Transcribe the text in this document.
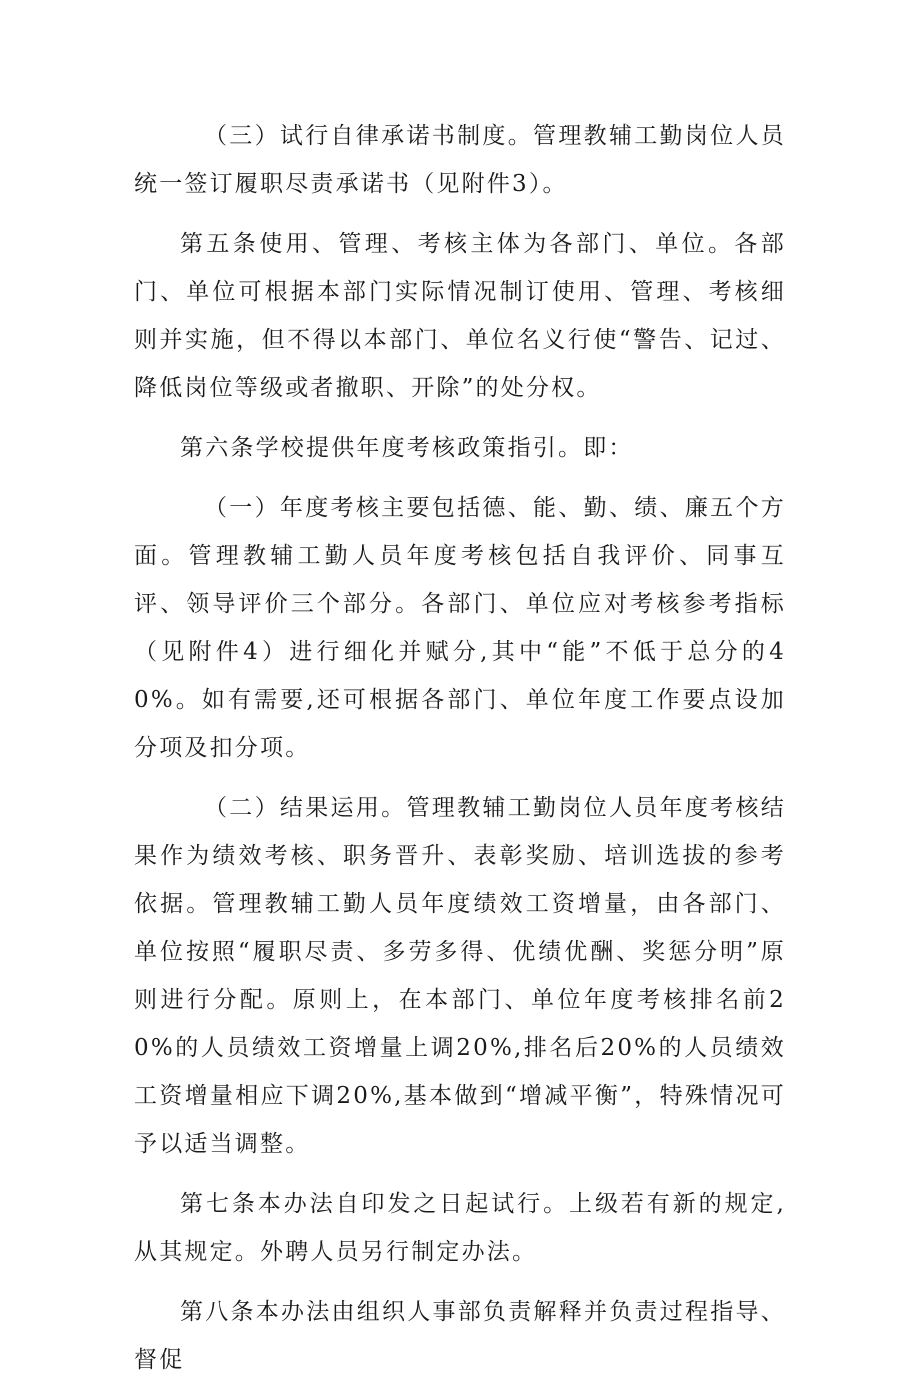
（三）试行自律承诺书制度。管理教辅工勤岗位人员统一签订履职尽责承诺书（见附件3）。

第五条使用、管理、考核主体为各部门、单位。各部门、单位可根据本部门实际情况制订使用、管理、考核细则并实施，但不得以本部门、单位名义行使“警告、记过、降低岗位等级或者撤职、开除”的处分权。

第六条学校提供年度考核政策指引。即：

（一）年度考核主要包括德、能、勤、绩、廉五个方面。管理教辅工勤人员年度考核包括自我评价、同事互评、领导评价三个部分。各部门、单位应对考核参考指标（见附件4）进行细化并赋分,其中“能”不低于总分的40%。如有需要,还可根据各部门、单位年度工作要点设加分项及扣分项。

（二）结果运用。管理教辅工勤岗位人员年度考核结果作为绩效考核、职务晋升、表彰奖励、培训选拔的参考依据。管理教辅工勤人员年度绩效工资增量，由各部门、单位按照“履职尽责、多劳多得、优绩优酬、奖惩分明”原则进行分配。原则上，在本部门、单位年度考核排名前20%的人员绩效工资增量上调20%,排名后20%的人员绩效工资增量相应下调20%,基本做到“增减平衡”，特殊情况可予以适当调整。

第七条本办法自印发之日起试行。上级若有新的规定,从其规定。外聘人员另行制定办法。

第八条本办法由组织人事部负责解释并负责过程指导、督促
